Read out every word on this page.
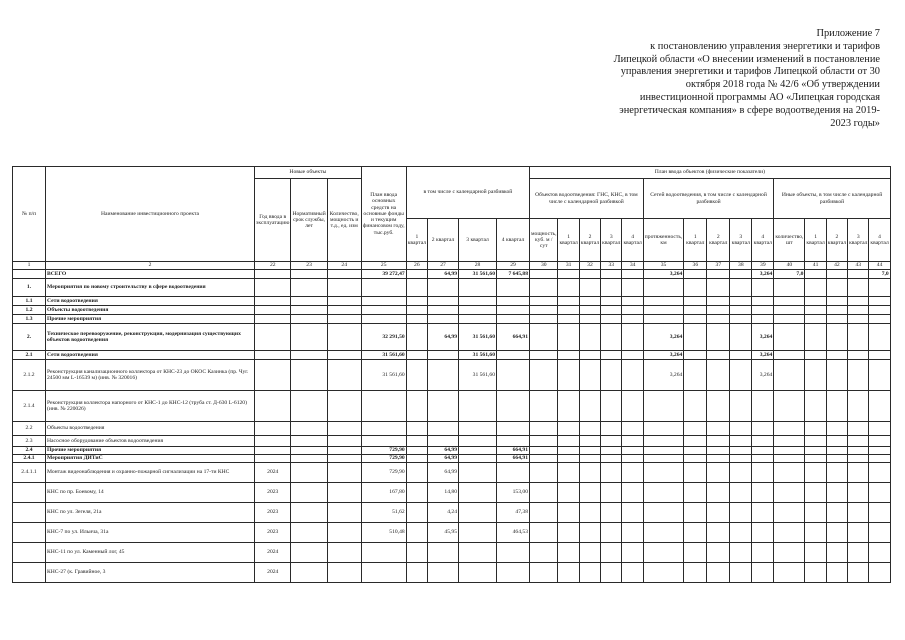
Приложение 7
к постановлению управления энергетики и тарифов
Липецкой области «О внесении изменений в постановление
управления энергетики и тарифов Липецкой области от 30
октября 2018 года № 42/6 «Об утверждении
инвестиционной программы АО «Липецкая городская
энергетическая компания» в сфере водоотведения на 2019-
2023 годы»
№ п/п	Наименование инвестиционного проекта	Новые объекты			План ввода основных средств на основные фонды и текущим финансовом году, тыс.руб.	в том числе с календарной разбивкой				План ввода объектов (физические показатели)														
		Год ввода в эксплуатацию	Нормативный срок службы, лет	Количество, мощность и т.д., ед. изм						Объектов водоотведения: ГНС, КНС, в том числе с календарной разбивкой					Сетей водоотведения, в том числе с календарной разбивкой					Иные объекты, в том числе с календарной разбивкой				
						1 квартал	2 квартал	3 квартал	4 квартал	мощность, куб. м / сут	1 квартал	2 квартал	3 квартал	4 квартал	протяженность, км	1 квартал	2 квартал	3 квартал	4 квартал	количество, шт	1 квартал	2 квартал	3 квартал	4 квартал
1	2	22	23	24	25	26	27	28	29	30	31	32	33	34	35	36	37	38	39	40	41	42	43	44
	ВСЕГО				39 272,47		64,99	31 561,60	7 645,88						3,264				3,264	7,0				7,0
1.	Мероприятия по новому строительству в сфере водоотведения																							
1.1	Сети водоотведения																							
1.2	Объекты водоотведения																							
1.3	Прочие мероприятия																							
2.	Техническое перевооружение, реконструкция, модернизация существующих объектов водоотведения				32 291,50		64,99	31 561,60	664,91						3,264				3,264					
2.1	Сети водоотведения				31 561,60			31 561,60							3,264				3,264					
2.1.2	Реконструкция канализационного коллектора от КНС-23 до ОКОС Казинка (пр. Чуг. 24500 мм L-16539 м) (инв. № 320016)				31 561,60			31 561,60							3,264				3,264					
2.1.4	Реконструкция коллектора напорного от КНС-1 до КНС-12 (труба ст. Д-630 L-6120) (инв. № 220026)																							
2.2	Объекты водоотведения																							
2.3	Насосное оборудование объектов водоотведения																							
2.4	Прочие мероприятия				729,90		64,99		664,91															
2.4.1	Мероприятия ДИТиС				729,90		64,99		664,91															
2.4.1.1	Монтаж видеонаблюдения и охранно-пожарной сигнализации на 17-ти КНС	2024			729,90		64,99																	
	КНС по пр. Боевому, 14	2023			167,80		14,80		153,00															
	КНС по ул. Зегеля, 21а	2023			51,62		4,24		47,38															
	КНС-7 по ул. Ильича, 31а	2023			510,48		45,95		464,53															
	КНС-11 по ул. Каменный лог, 45	2024																						
	КНС-27 (к. Гравийное, 3	2024																						
